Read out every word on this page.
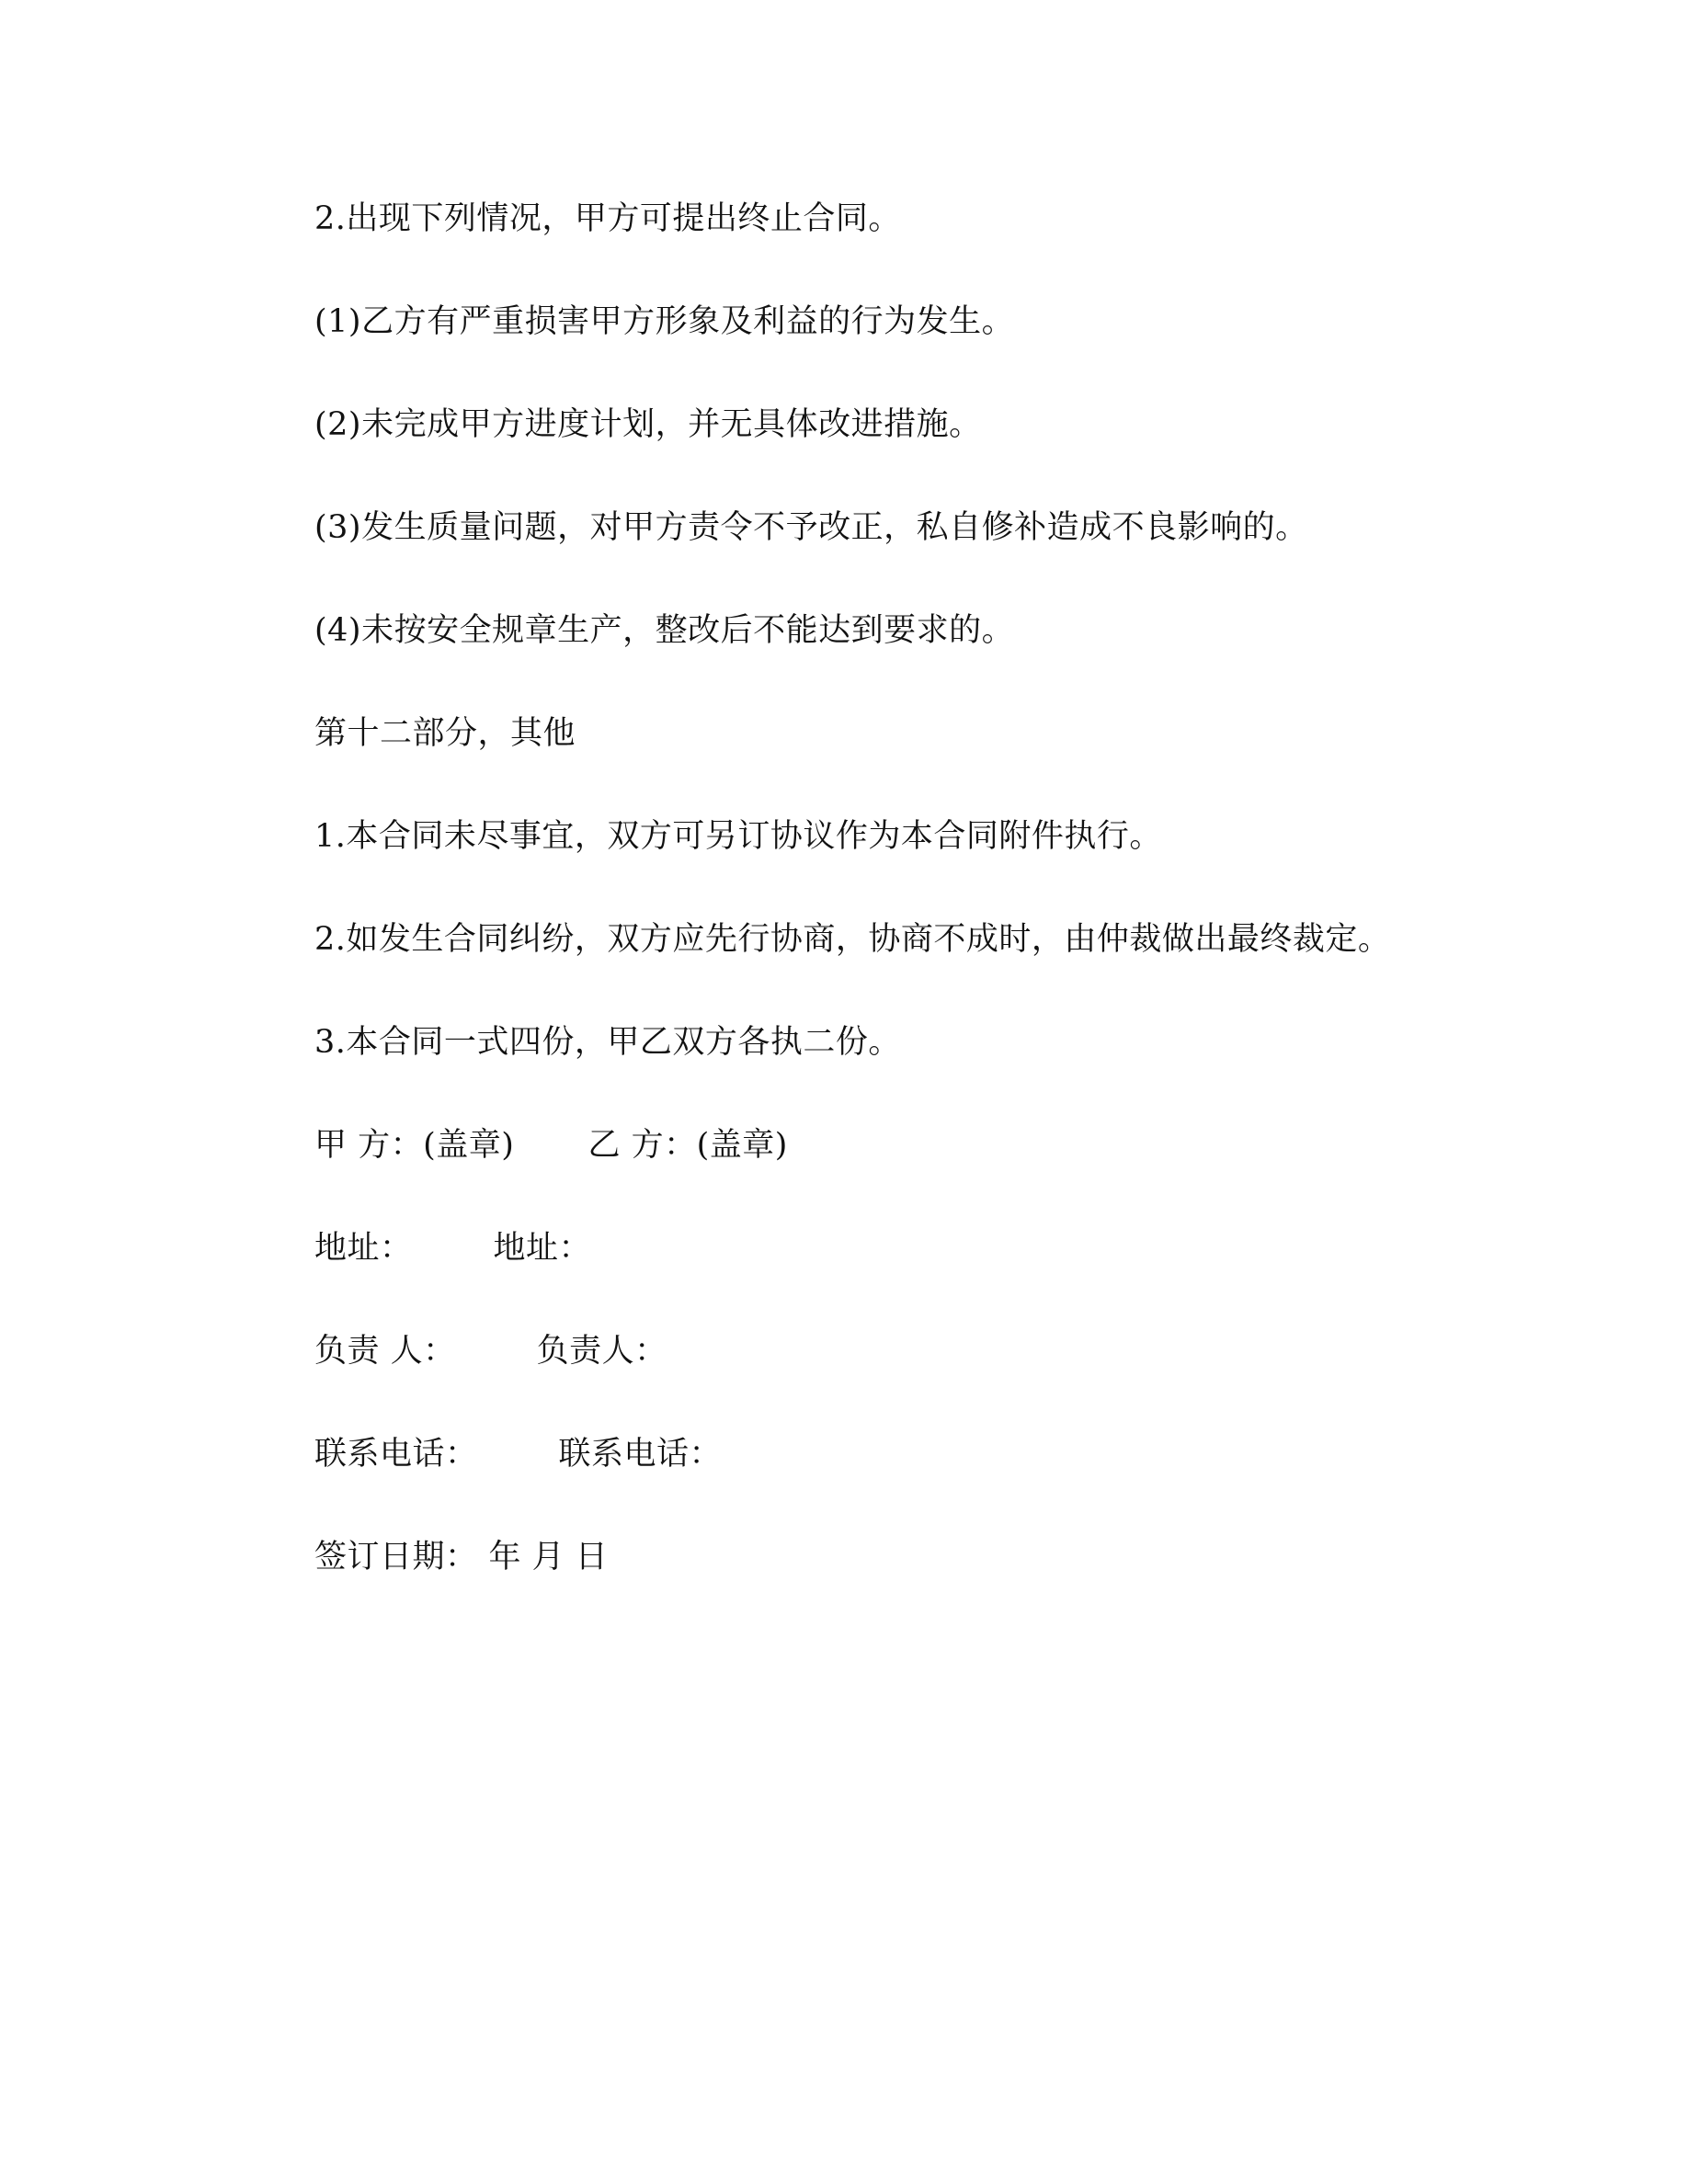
2.出现下列情况，甲方可提出终止合同。
(1)乙方有严重损害甲方形象及利益的行为发生。
(2)未完成甲方进度计划，并无具体改进措施。
(3)发生质量问题，对甲方责令不予改正，私自修补造成不良影响的。
(4)未按安全规章生产，整改后不能达到要求的。
第十二部分，其他
1.本合同未尽事宜，双方可另订协议作为本合同附件执行。
2.如发生合同纠纷，双方应先行协商，协商不成时，由仲裁做出最终裁定。
3.本合同一式四份，甲乙双方各执二份。
甲 方：(盖章) 乙 方：(盖章)
地址：	地址：
负责 人：	负责人：
联系电话：	联系电话：
签订日期： 年 月 日
